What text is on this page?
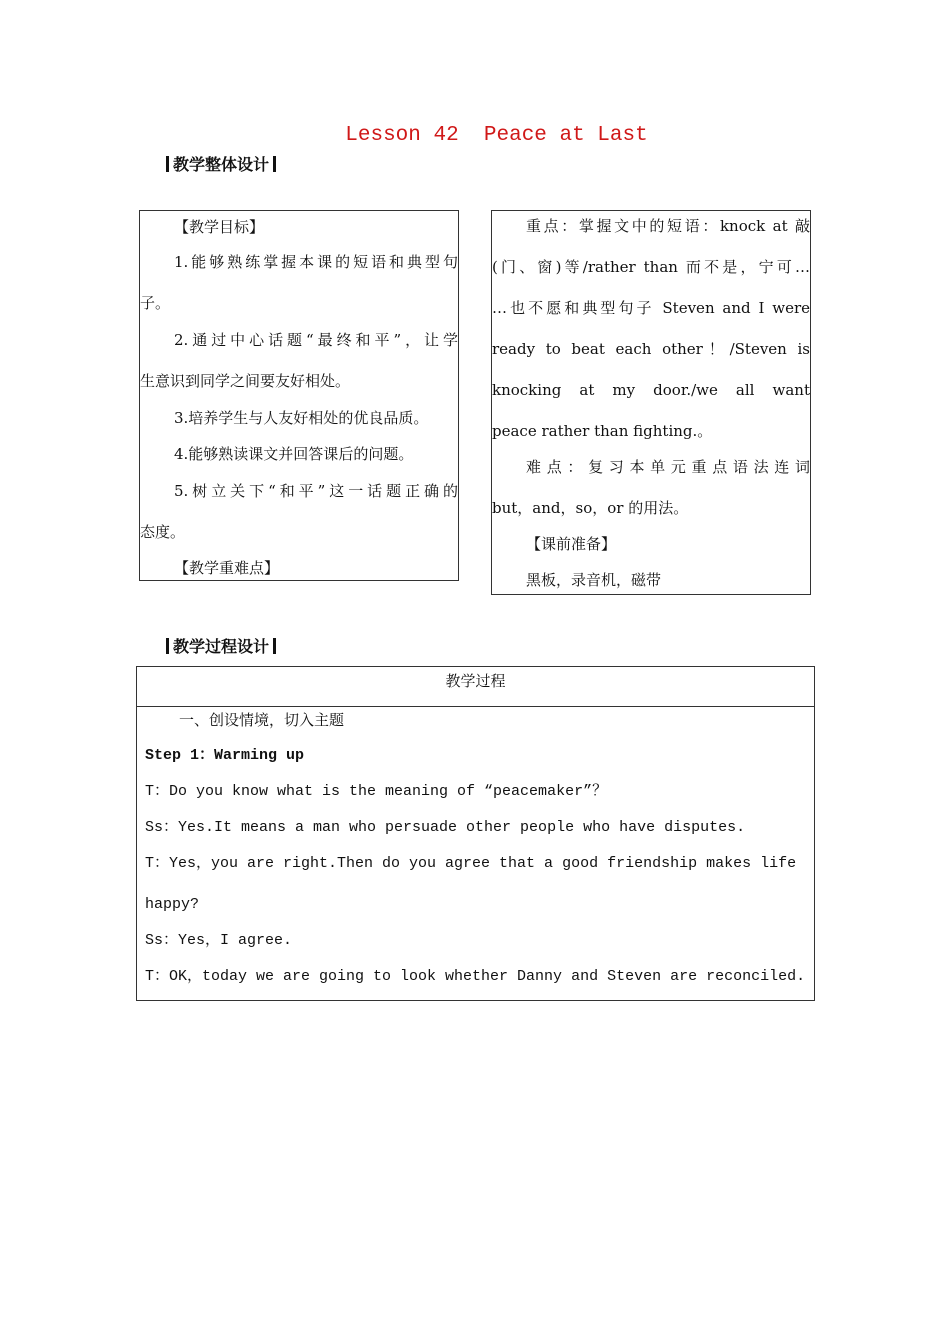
Lesson 42  Peace at Last
教学整体设计

【教学目标】

1.能够熟练掌握本课的短语和典型句

子。

2.通过中心话题“最终和平”，让学

生意识到同学之间要友好相处。

3.培养学生与人友好相处的优良品质。

4.能够熟读课文并回答课后的问题。

5.树立关下“和平”这一话题正确的

态度。

【教学重难点】

重点：掌握文中的短语：knock at 敲

(门、窗)等/rather than 而不是，宁可…

…也不愿和典型句子 Steven and I were

ready to beat each other！/Steven is

knocking at my door./we all want

peace rather than fighting.。

难点：复习本单元重点语法连词

but，and，so，or 的用法。

【课前准备】

黑板，录音机，磁带

教学过程设计
教学过程

一、创设情境，切入主题

Step 1：Warming up

T：Do you know what is the meaning of “peacemaker”？

Ss：Yes.It means a man who persuade other people who have disputes.

T：Yes，you are right.Then do you agree that a good friendship makes life

happy?

Ss：Yes，I agree.

T：OK，today we are going to look whether Danny and Steven are reconciled.
